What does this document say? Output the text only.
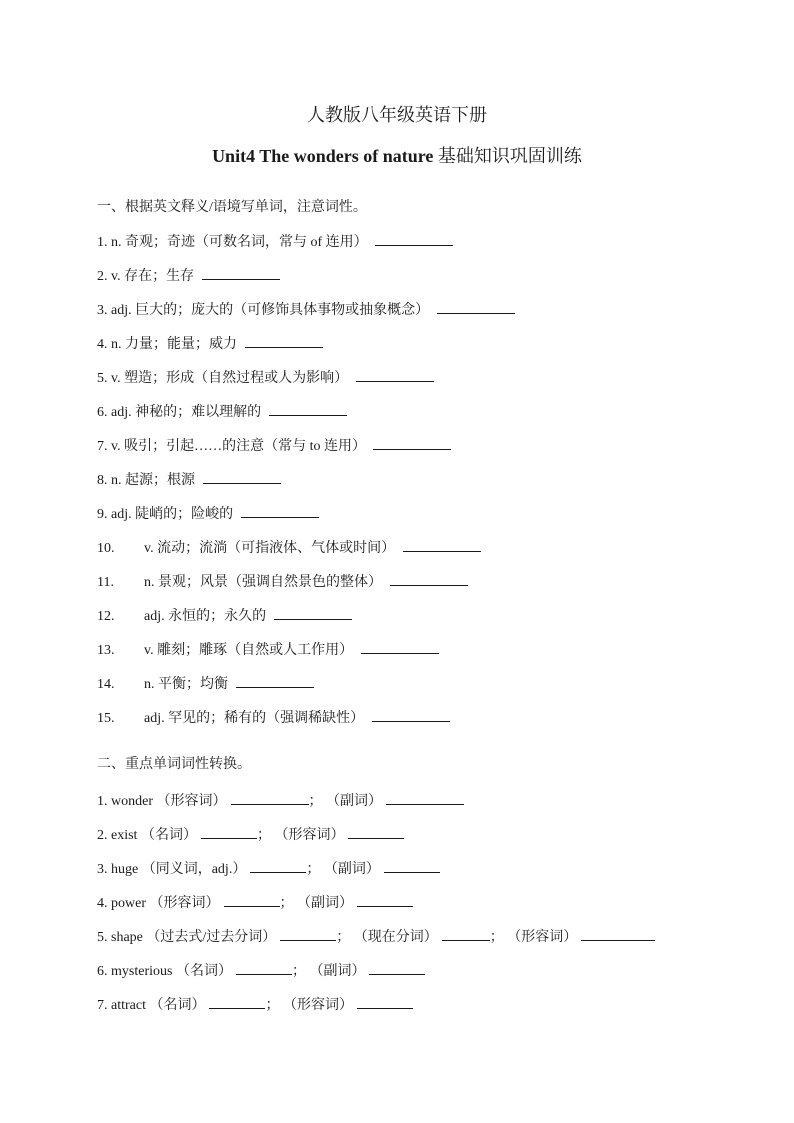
人教版八年级英语下册
Unit4 The wonders of nature 基础知识巩固训练
一、根据英文释义/语境写单词，注意词性。
1. n. 奇观；奇迹（可数名词，常与 of 连用）
2. v. 存在；生存
3. adj. 巨大的；庞大的（可修饰具体事物或抽象概念）
4. n. 力量；能量；威力
5. v. 塑造；形成（自然过程或人为影响）
6. adj. 神秘的；难以理解的
7. v. 吸引；引起……的注意（常与 to 连用）
8. n. 起源；根源
9. adj. 陡峭的；险峻的
10. v. 流动；流淌（可指液体、气体或时间）
11. n. 景观；风景（强调自然景色的整体）
12. adj. 永恒的；永久的
13. v. 雕刻；雕琢（自然或人工作用）
14. n. 平衡；均衡
15. adj. 罕见的；稀有的（强调稀缺性）
二、重点单词词性转换。
1. wonder （形容词）	； （副词）
2. exist （名词）	； （形容词）
3. huge （同义词，adj.）	； （副词）
4. power （形容词）	； （副词）
5. shape （过去式/过去分词）	； （现在分词）	； （形容词）
6. mysterious （名词）	； （副词）
7. attract （名词）	； （形容词）
